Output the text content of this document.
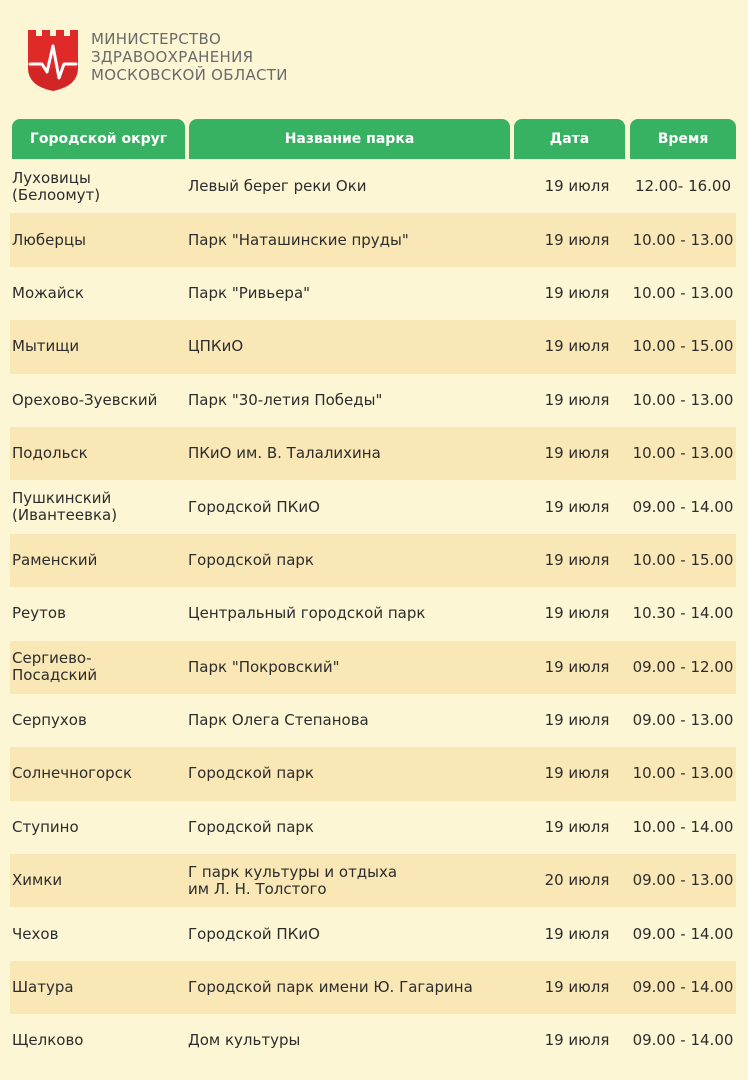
МИНИСТЕРСТВО
ЗДРАВООХРАНЕНИЯ
МОСКОВСКОЙ ОБЛАСТИ
Городской округ	Название парка	Дата	Время
Луховицы
(Белоомут)	Левый берег реки Оки	19 июля 12.00- 16.00
Люберцы	Парк "Наташинские пруды"	19 июля 10.00 - 13.00
Можайск	Парк "Ривьера"	19 июля 10.00 - 13.00
Мытищи	ЦПКиО	19 июля 10.00 - 15.00
Орехово-Зуевский Парк "30-летия Победы"	19 июля 10.00 - 13.00
Подольск	ПКиО им. В. Талалихина	19 июля 10.00 - 13.00
Пушкинский
(Ивантеевка)	Городской ПКиО	19 июля 09.00 - 14.00
Раменский	Городской парк	19 июля 10.00 - 15.00
Реутов	Центральный городской парк	19 июля 10.30 - 14.00
Сергиево-
Посадский	Парк "Покровский"	19 июля 09.00 - 12.00
Серпухов	Парк Олега Степанова	19 июля 09.00 - 13.00
Солнечногорск	Городской парк	19 июля 10.00 - 13.00
Ступино	Городской парк	19 июля 10.00 - 14.00
Химки	Г парк культуры и отдыха
им Л. Н. Толстого	20 июля 09.00 - 13.00
Чехов	Городской ПКиО	19 июля 09.00 - 14.00
Шатура	Городской парк имени Ю. Гагарина	19 июля 09.00 - 14.00
Щелково	Дом культуры	19 июля 09.00 - 14.00
